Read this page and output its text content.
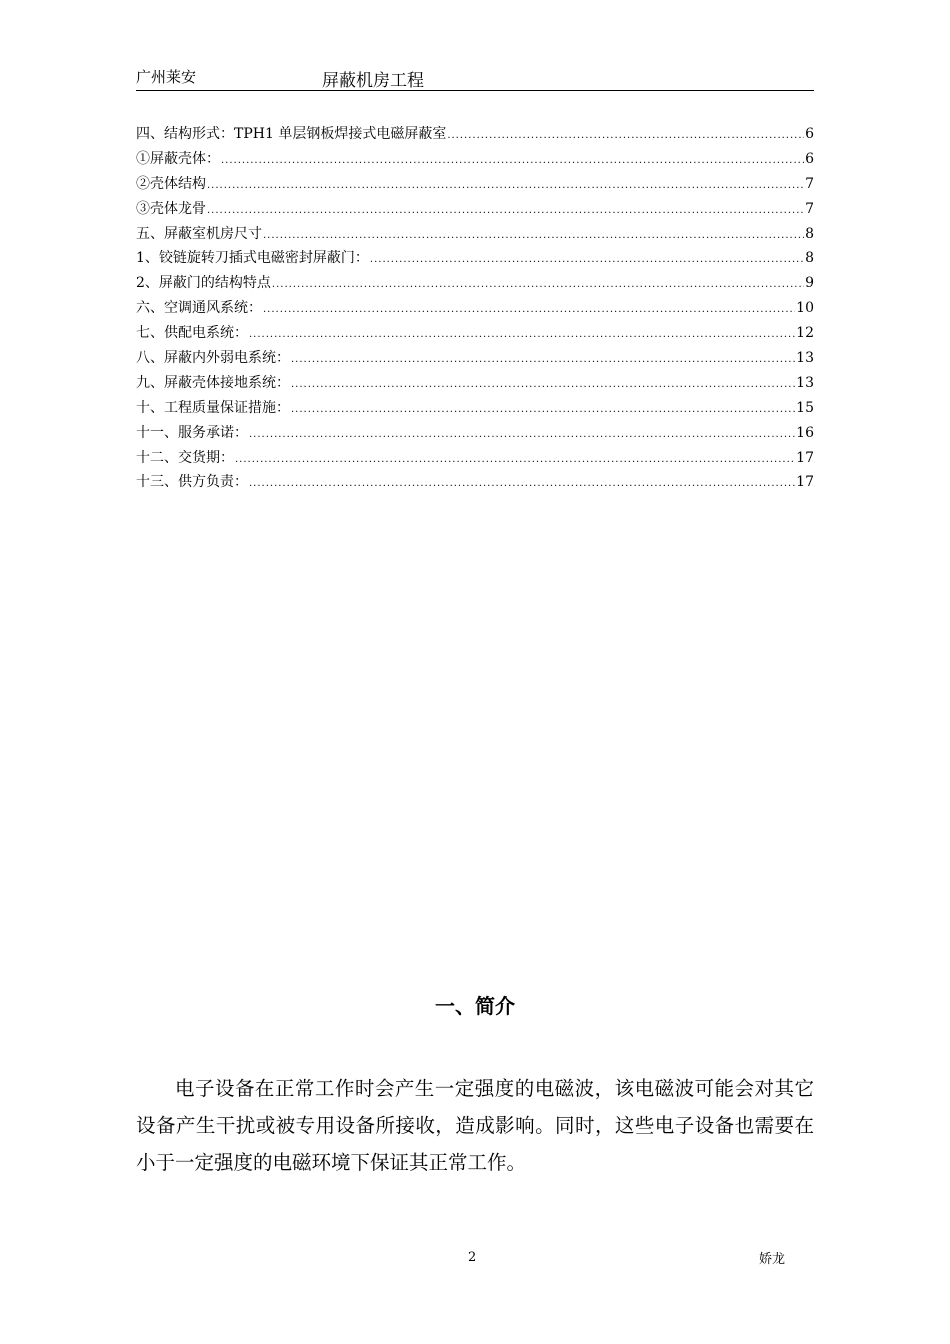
广州莱安	屏蔽机房工程
四、结构形式：TPH1 单层钢板焊接式电磁屏蔽室 .....	6
①屏蔽壳体： .....	6
②壳体结构 .....	7
③壳体龙骨 .....	7
五、屏蔽室机房尺寸 .....	8
1、铰链旋转刀插式电磁密封屏蔽门： .....	8
2、屏蔽门的结构特点 .....	9
六、空调通风系统： .....	10
七、供配电系统： .....	12
八、屏蔽内外弱电系统： .....	13
九、屏蔽壳体接地系统： .....	13
十、工程质量保证措施： .....	15
十一、服务承诺： .....	16
十二、交货期： .....	17
十三、供方负责： .....	17
一、简介
电子设备在正常工作时会产生一定强度的电磁波，该电磁波可能会对其它设备产生干扰或被专用设备所接收，造成影响。同时，这些电子设备也需要在小于一定强度的电磁环境下保证其正常工作。
2	娇龙
